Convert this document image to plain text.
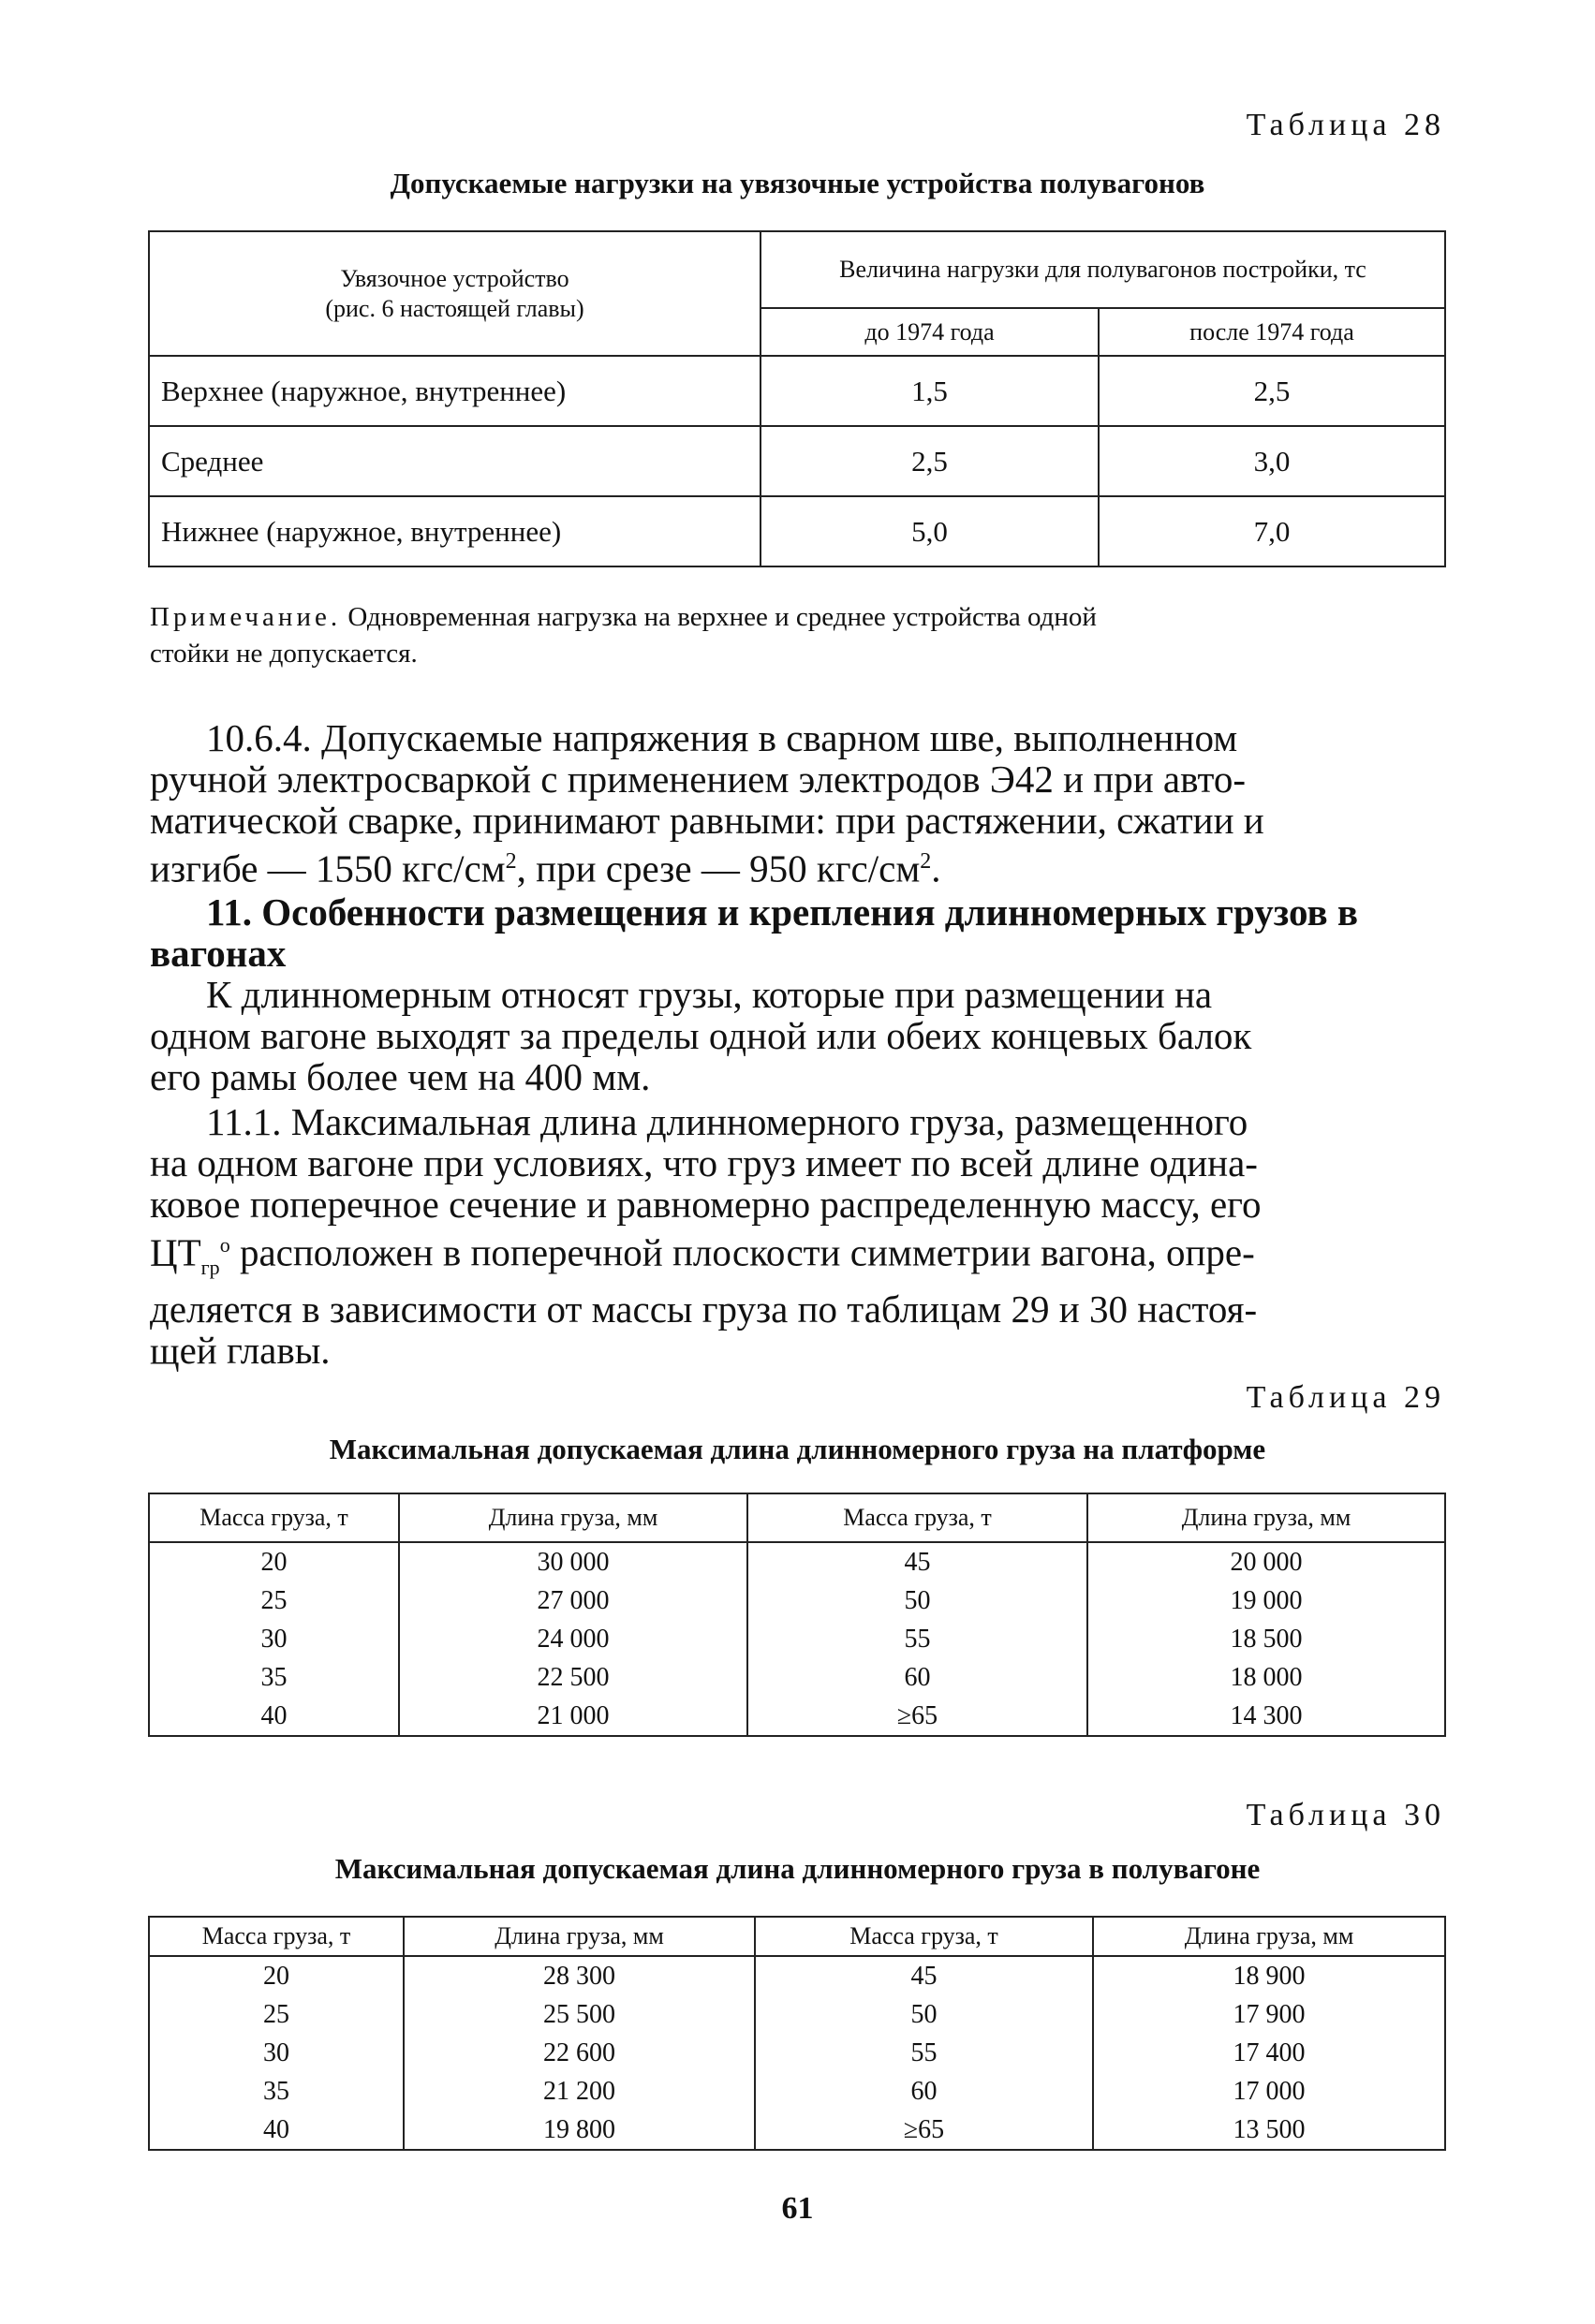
Таблица 28
Допускаемые нагрузки на увязочные устройства полувагонов
Увязочное устройство
(рис. 6 настоящей главы)	Величина нагрузки для полувагонов постройки, тс	
	до 1974 года	после 1974 года
Верхнее (наружное, внутреннее)	1,5	2,5
Среднее	2,5	3,0
Нижнее (наружное, внутреннее)	5,0	7,0
Примечание. Одновременная нагрузка на верхнее и среднее устройства одной
стойки не допускается.
10.6.4. Допускаемые напряжения в сварном шве, выполненном
ручной электросваркой с применением электродов Э42 и при авто-
матической сварке, принимают равными: при растяжении, сжатии и
изгибе — 1550 кгс/$см^2$, при срезе — 950 кгс/$см^2$.
11. Особенности размещения и крепления длинномерных грузов в
вагонах
К длинномерным относят грузы, которые при размещении на
одном вагоне выходят за пределы одной или обеих концевых балок
его рамы более чем на 400 мм.
11.1. Максимальная длина длинномерного груза, размещенного
на одном вагоне при условиях, что груз имеет по всей длине одина-
ковое поперечное сечение и равномерно распределенную массу, его
$ЦТ_{гр}^о$ расположен в поперечной плоскости симметрии вагона, опре-
деляется в зависимости от массы груза по таблицам 29 и 30 настоя-
щей главы.
Таблица 29
Максимальная допускаемая длина длинномерного груза на платформе
Масса груза, т	Длина груза, мм	Масса груза, т	Длина груза, мм
20	30 000	45	20 000
25	27 000	50	19 000
30	24 000	55	18 500
35	22 500	60	18 000
40	21 000	≥65	14 300
Таблица 30
Максимальная допускаемая длина длинномерного груза в полувагоне
Масса груза, т	Длина груза, мм	Масса груза, т	Длина груза, мм
20	28 300	45	18 900
25	25 500	50	17 900
30	22 600	55	17 400
35	21 200	60	17 000
40	19 800	≥65	13 500
61
